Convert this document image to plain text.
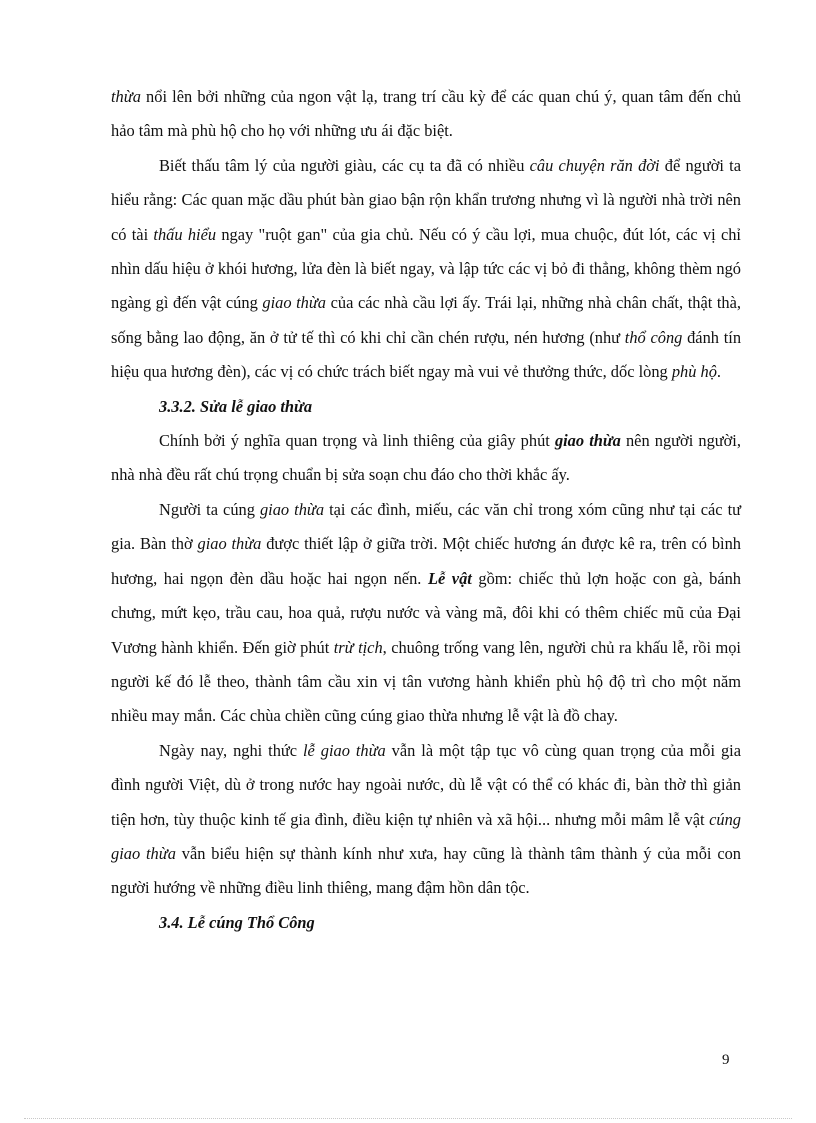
thừa nổi lên bởi những của ngon vật lạ, trang trí cầu kỳ để các quan chú ý, quan tâm đến chủ hảo tâm mà phù hộ cho họ với những ưu ái đặc biệt.

Biết thấu tâm lý của người giàu, các cụ ta đã có nhiều câu chuyện răn đời để người ta hiểu rằng: Các quan mặc dầu phút bàn giao bận rộn khẩn trương nhưng vì là người nhà trời nên có tài thấu hiểu ngay "ruột gan" của gia chủ. Nếu có ý cầu lợi, mua chuộc, đút lót, các vị chỉ nhìn dấu hiệu ở khói hương, lửa đèn là biết ngay, và lập tức các vị bỏ đi thẳng, không thèm ngó ngàng gì đến vật cúng giao thừa của các nhà cầu lợi ấy. Trái lại, những nhà chân chất, thật thà, sống bằng lao động, ăn ở tử tế thì có khi chỉ cần chén rượu, nén hương (như thổ công đánh tín hiệu qua hương đèn), các vị có chức trách biết ngay mà vui vẻ thưởng thức, dốc lòng phù hộ.

3.3.2. Sửa lễ giao thừa

Chính bởi ý nghĩa quan trọng và linh thiêng của giây phút giao thừa nên người người, nhà nhà đều rất chú trọng chuẩn bị sửa soạn chu đáo cho thời khắc ấy.

Người ta cúng giao thừa tại các đình, miếu, các văn chỉ trong xóm cũng như tại các tư gia. Bàn thờ giao thừa được thiết lập ở giữa trời. Một chiếc hương án được kê ra, trên có bình hương, hai ngọn đèn dầu hoặc hai ngọn nến. Lễ vật gồm: chiếc thủ lợn hoặc con gà, bánh chưng, mứt kẹo, trầu cau, hoa quả, rượu nước và vàng mã, đôi khi có thêm chiếc mũ của Đại Vương hành khiển. Đến giờ phút trừ tịch, chuông trống vang lên, người chủ ra khấu lễ, rồi mọi người kế đó lễ theo, thành tâm cầu xin vị tân vương hành khiển phù hộ độ trì cho một năm nhiều may mắn. Các chùa chiền cũng cúng giao thừa nhưng lễ vật là đồ chay.

Ngày nay, nghi thức lễ giao thừa vẫn là một tập tục vô cùng quan trọng của mỗi gia đình người Việt, dù ở trong nước hay ngoài nước, dù lễ vật có thể có khác đi, bàn thờ thì giản tiện hơn, tùy thuộc kinh tế gia đình, điều kiện tự nhiên và xã hội... nhưng mỗi mâm lễ vật cúng giao thừa vẫn biểu hiện sự thành kính như xưa, hay cũng là thành tâm thành ý của mỗi con người hướng về những điều linh thiêng, mang đậm hồn dân tộc.

3.4. Lễ cúng Thổ Công

9
